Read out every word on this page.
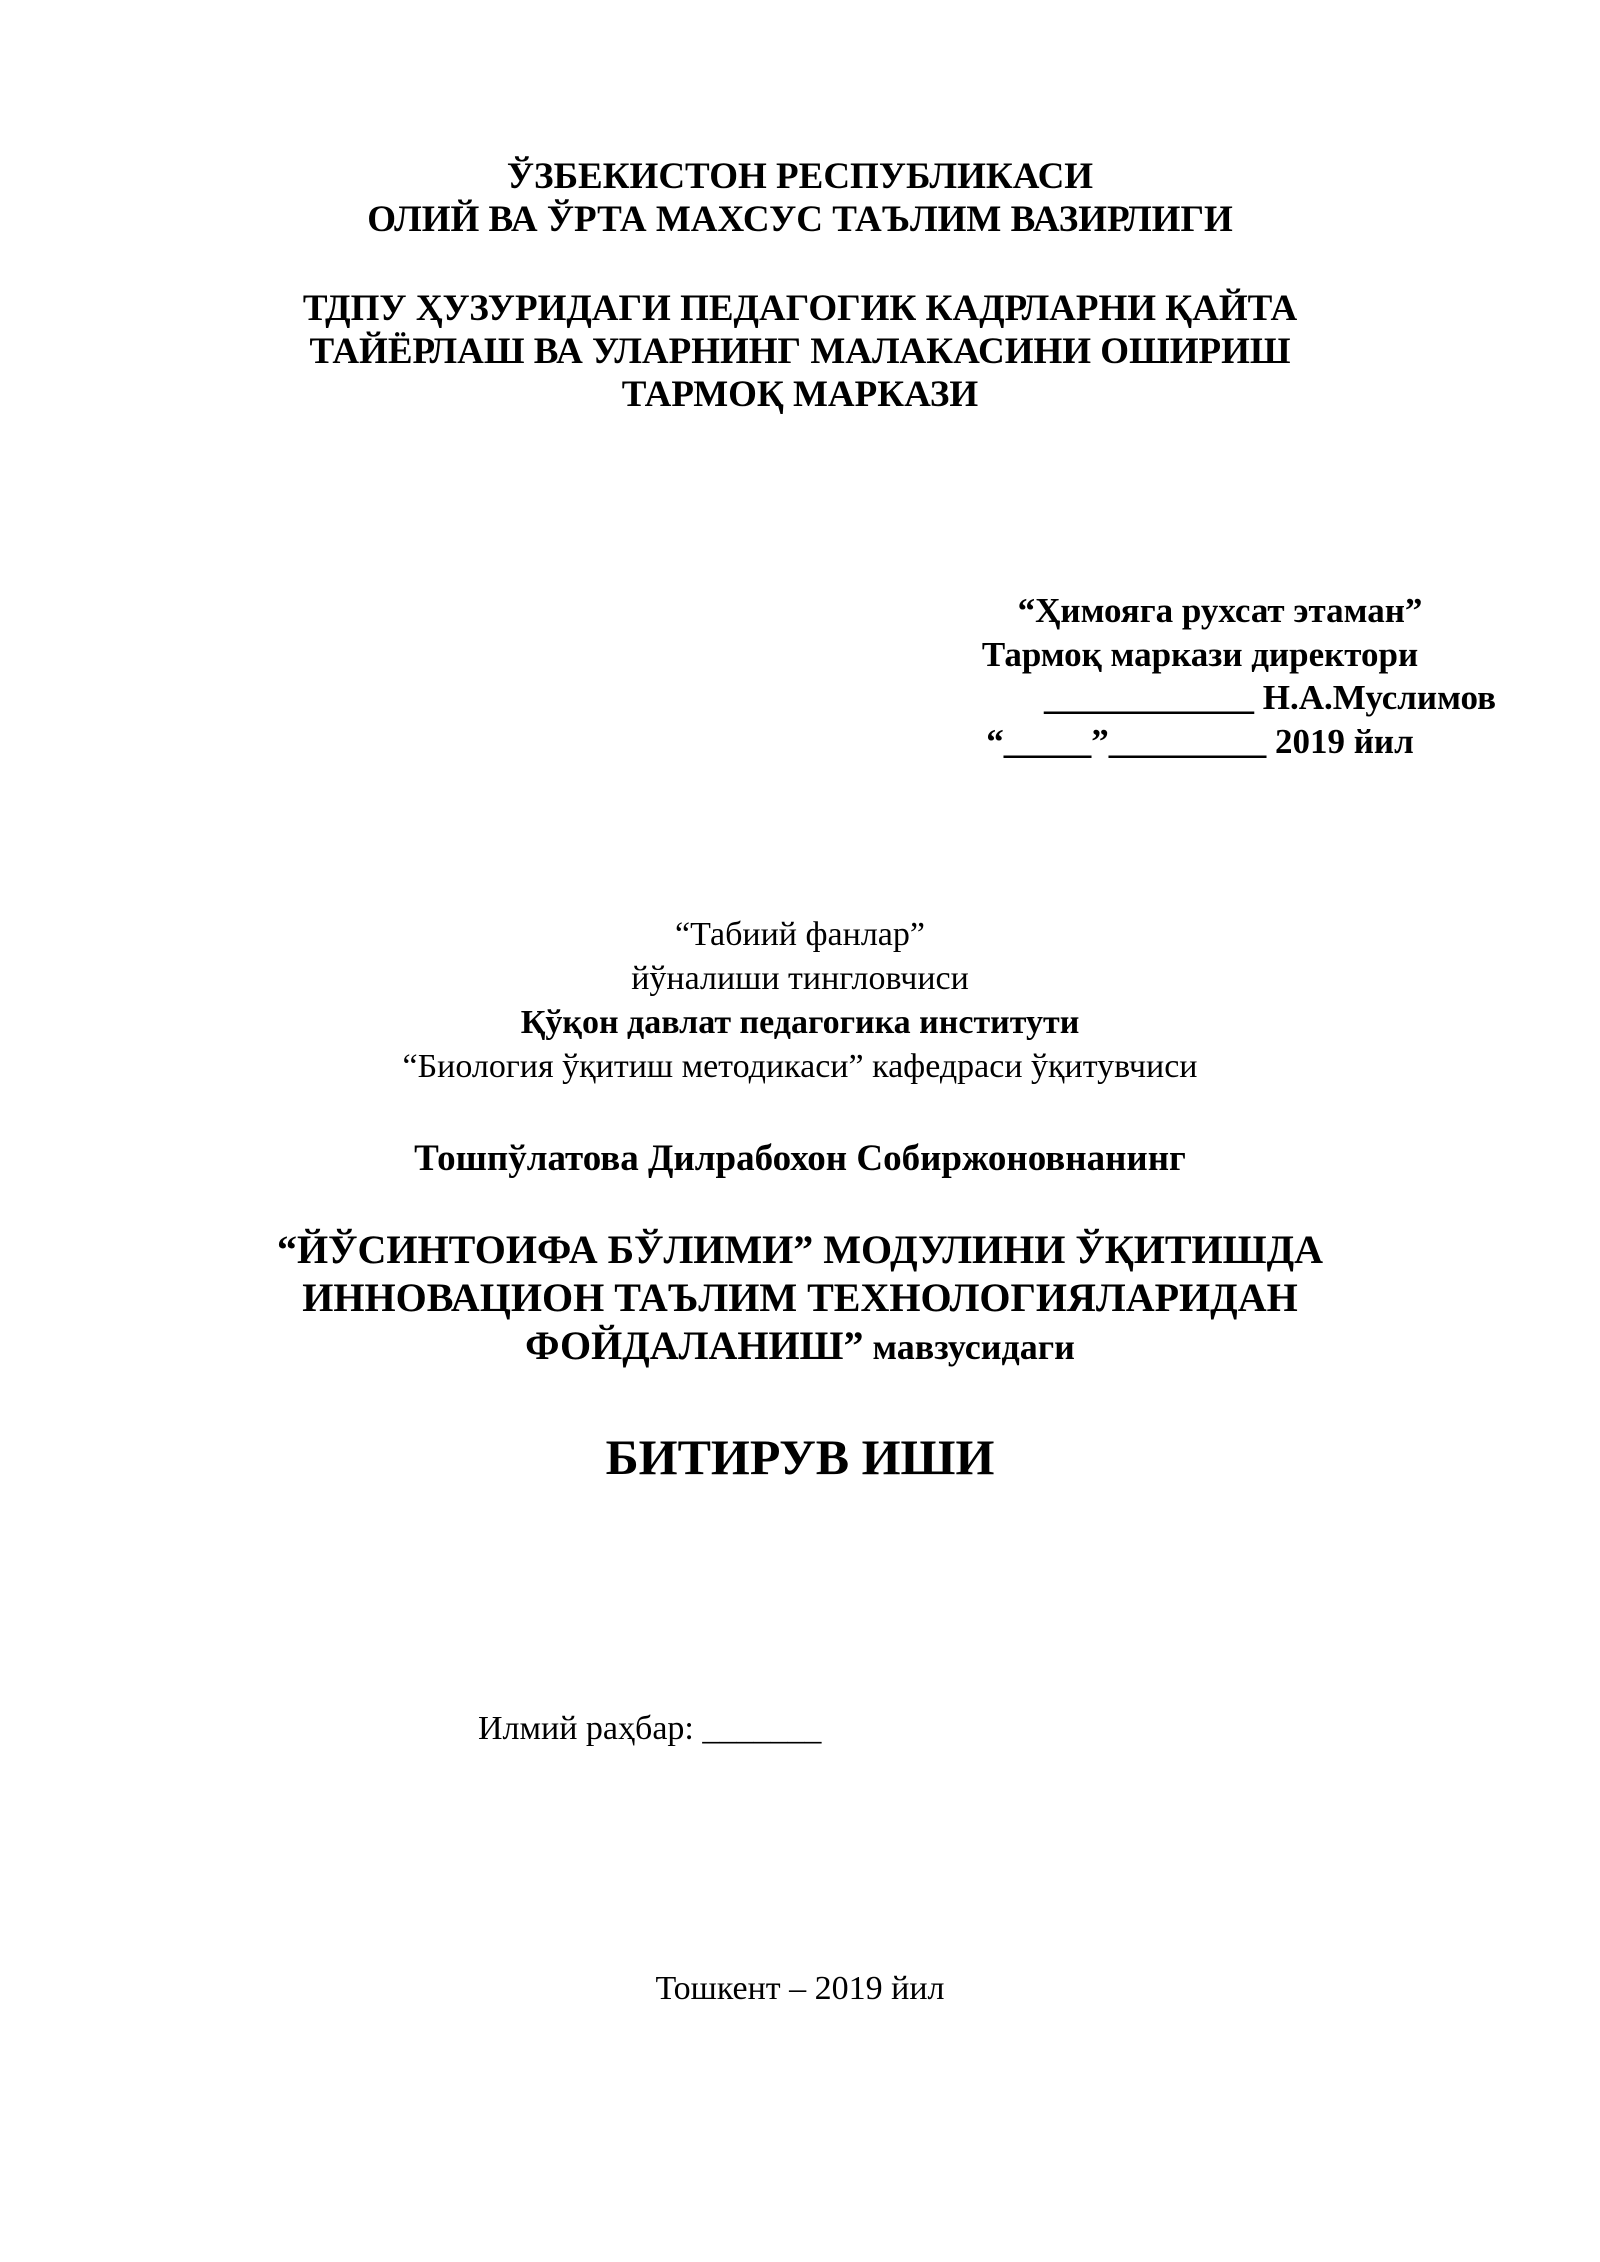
ЎЗБЕКИСТОН РЕСПУБЛИКАСИ
ОЛИЙ ВА ЎРТА МАХСУС ТАЪЛИМ ВАЗИРЛИГИ
ТДПУ ҲУЗУРИДАГИ ПЕДАГОГИК КАДРЛАРНИ ҚАЙТА
ТАЙЁРЛАШ ВА УЛАРНИНГ МАЛАКАСИНИ ОШИРИШ
ТАРМОҚ МАРКАЗИ
“Ҳимояга рухсат этаман”
Тармоқ маркази директори
____________ Н.А.Муслимов
“_____”_________ 2019 йил
“Табиий фанлар”
йўналиши тингловчиси
Қўқон давлат педагогика институти
“Биология ўқитиш методикаси” кафедраси ўқитувчиси
Тошпўлатова Дилрабохон Собиржоновнанинг
“ЙЎСИНТОИФА БЎЛИМИ” МОДУЛИНИ ЎҚИТИШДА
ИННОВАЦИОН ТАЪЛИМ ТЕХНОЛОГИЯЛАРИДАН
ФОЙДАЛАНИШ” мавзусидаги
БИТИРУВ ИШИ
Илмий раҳбар: _______
Тошкент – 2019 йил
